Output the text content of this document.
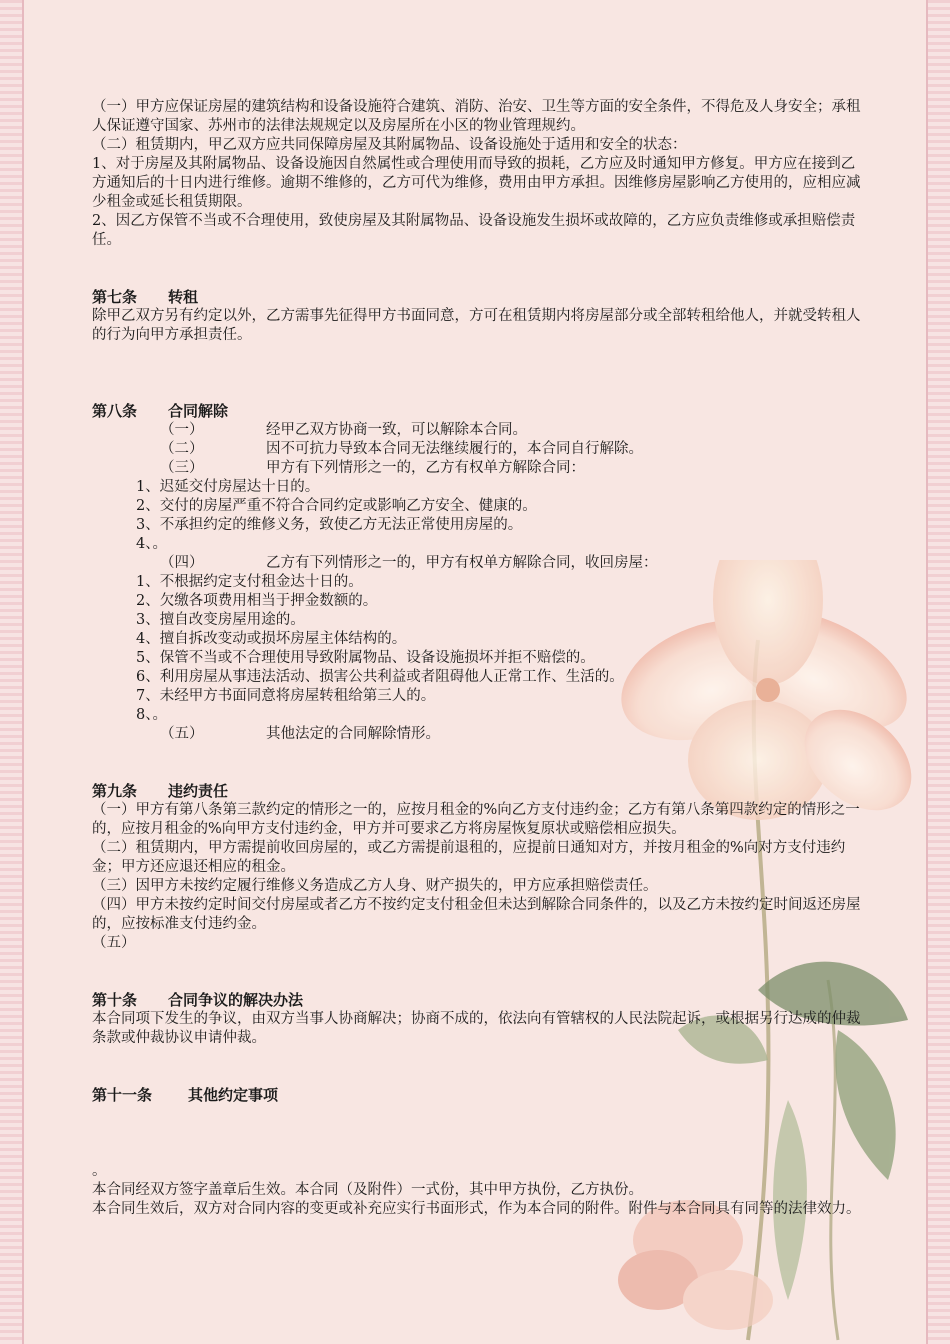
（一）甲方应保证房屋的建筑结构和设备设施符合建筑、消防、治安、卫生等方面的安全条件，不得危及人身安全；承租人保证遵守国家、苏州市的法律法规规定以及房屋所在小区的物业管理规约。

（二）租赁期内，甲乙双方应共同保障房屋及其附属物品、设备设施处于适用和安全的状态：

1、对于房屋及其附属物品、设备设施因自然属性或合理使用而导致的损耗，乙方应及时通知甲方修复。甲方应在接到乙方通知后的十日内进行维修。逾期不维修的，乙方可代为维修，费用由甲方承担。因维修房屋影响乙方使用的，应相应减少租金或延长租赁期限。

2、因乙方保管不当或不合理使用，致使房屋及其附属物品、设备设施发生损坏或故障的，乙方应负责维修或承担赔偿责任。

第七条 转租

除甲乙双方另有约定以外，乙方需事先征得甲方书面同意，方可在租赁期内将房屋部分或全部转租给他人，并就受转租人的行为向甲方承担责任。

第八条 合同解除

（一）	经甲乙双方协商一致，可以解除本合同。

（二）	因不可抗力导致本合同无法继续履行的，本合同自行解除。

（三）	甲方有下列情形之一的，乙方有权单方解除合同：

1、迟延交付房屋达十日的。

2、交付的房屋严重不符合合同约定或影响乙方安全、健康的。

3、不承担约定的维修义务，致使乙方无法正常使用房屋的。

4、。

（四）	乙方有下列情形之一的，甲方有权单方解除合同，收回房屋：

1、不根据约定支付租金达十日的。

2、欠缴各项费用相当于押金数额的。

3、擅自改变房屋用途的。

4、擅自拆改变动或损坏房屋主体结构的。

5、保管不当或不合理使用导致附属物品、设备设施损坏并拒不赔偿的。

6、利用房屋从事违法活动、损害公共利益或者阻碍他人正常工作、生活的。

7、未经甲方书面同意将房屋转租给第三人的。

8、。

（五）	其他法定的合同解除情形。

第九条 违约责任

（一）甲方有第八条第三款约定的情形之一的，应按月租金的%向乙方支付违约金；乙方有第八条第四款约定的情形之一的，应按月租金的%向甲方支付违约金，甲方并可要求乙方将房屋恢复原状或赔偿相应损失。

（二）租赁期内，甲方需提前收回房屋的，或乙方需提前退租的，应提前日通知对方，并按月租金的%向对方支付违约金；甲方还应退还相应的租金。

（三）因甲方未按约定履行维修义务造成乙方人身、财产损失的，甲方应承担赔偿责任。

（四）甲方未按约定时间交付房屋或者乙方不按约定支付租金但未达到解除合同条件的，以及乙方未按约定时间返还房屋的，应按标准支付违约金。

（五）

第十条 合同争议的解决办法

本合同项下发生的争议，由双方当事人协商解决；协商不成的，依法向有管辖权的人民法院起诉，或根据另行达成的仲裁条款或仲裁协议申请仲裁。

第十一条 其他约定事项

。

本合同经双方签字盖章后生效。本合同（及附件）一式份，其中甲方执份，乙方执份。

本合同生效后，双方对合同内容的变更或补充应实行书面形式，作为本合同的附件。附件与本合同具有同等的法律效力。
